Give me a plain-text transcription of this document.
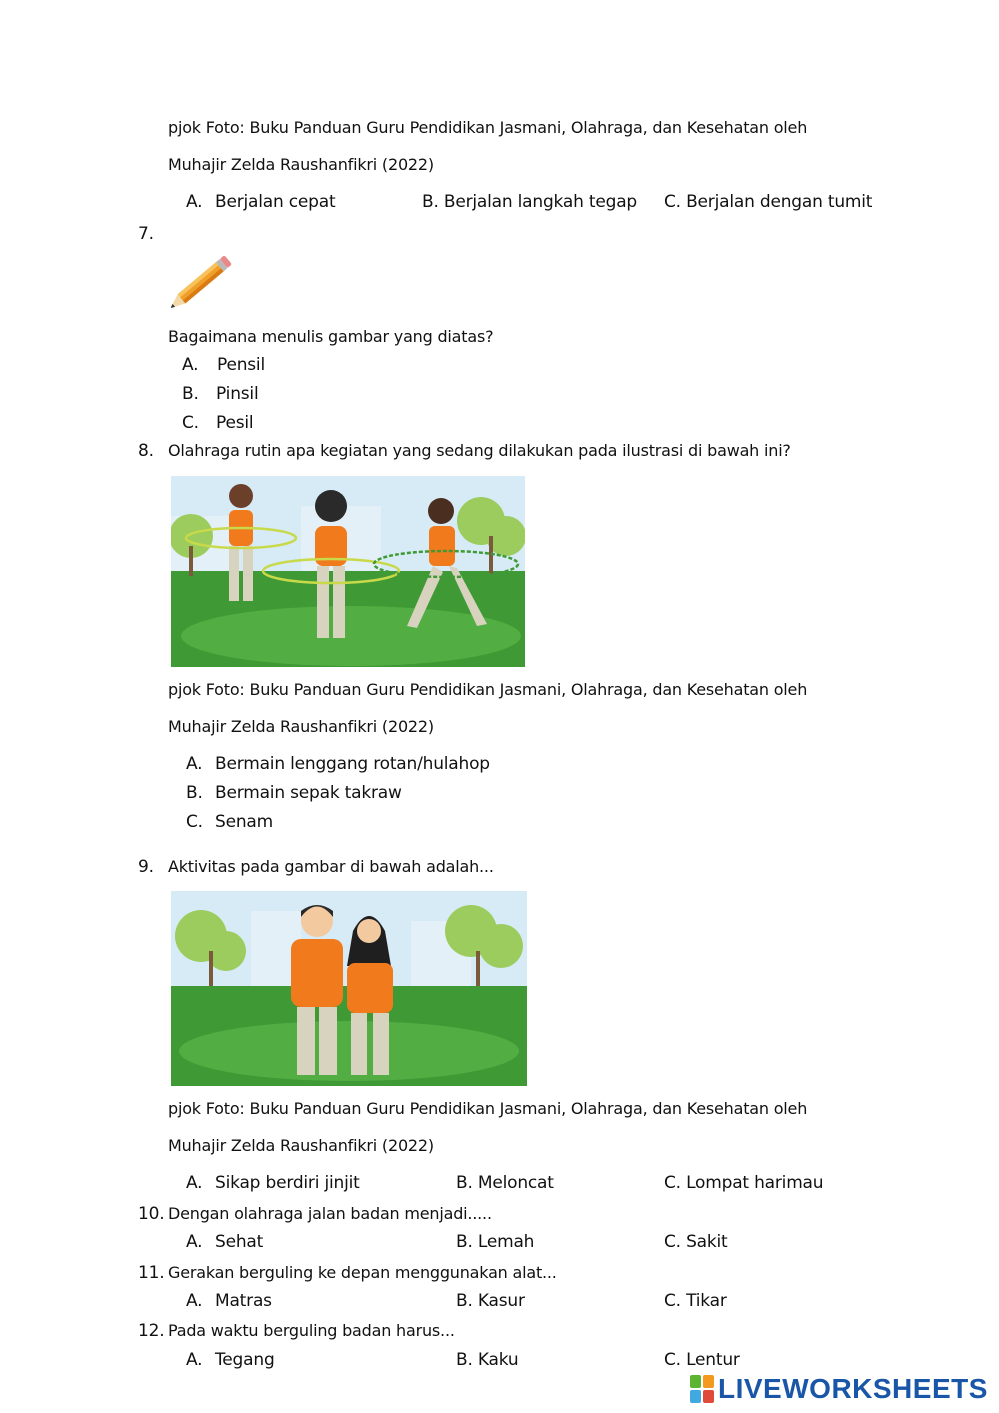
pjok Foto: Buku Panduan Guru Pendidikan Jasmani, Olahraga, dan Kesehatan oleh
Muhajir Zelda Raushanfikri (2022)
A. Berjalan cepat	B. Berjalan langkah tegap C. Berjalan dengan tumit
7.
Bagaimana menulis gambar yang diatas?
A. Pensil
B. Pinsil
C. Pesil
8. Olahraga rutin apa kegiatan yang sedang dilakukan pada ilustrasi di bawah ini?
pjok Foto: Buku Panduan Guru Pendidikan Jasmani, Olahraga, dan Kesehatan oleh
Muhajir Zelda Raushanfikri (2022)
A. Bermain lenggang rotan/hulahop
B. Bermain sepak takraw
C. Senam
9. Aktivitas pada gambar di bawah adalah...
pjok Foto: Buku Panduan Guru Pendidikan Jasmani, Olahraga, dan Kesehatan oleh
Muhajir Zelda Raushanfikri (2022)
A. Sikap berdiri jinjit	B. Meloncat	C. Lompat harimau
10. Dengan olahraga jalan badan menjadi.....
A. Sehat	B. Lemah	C. Sakit
11. Gerakan berguling ke depan menggunakan alat...
A. Matras	B. Kasur	C. Tikar
12. Pada waktu berguling badan harus...
A. Tegang	B. Kaku	C. Lentur
LIVEWORKSHEETS
